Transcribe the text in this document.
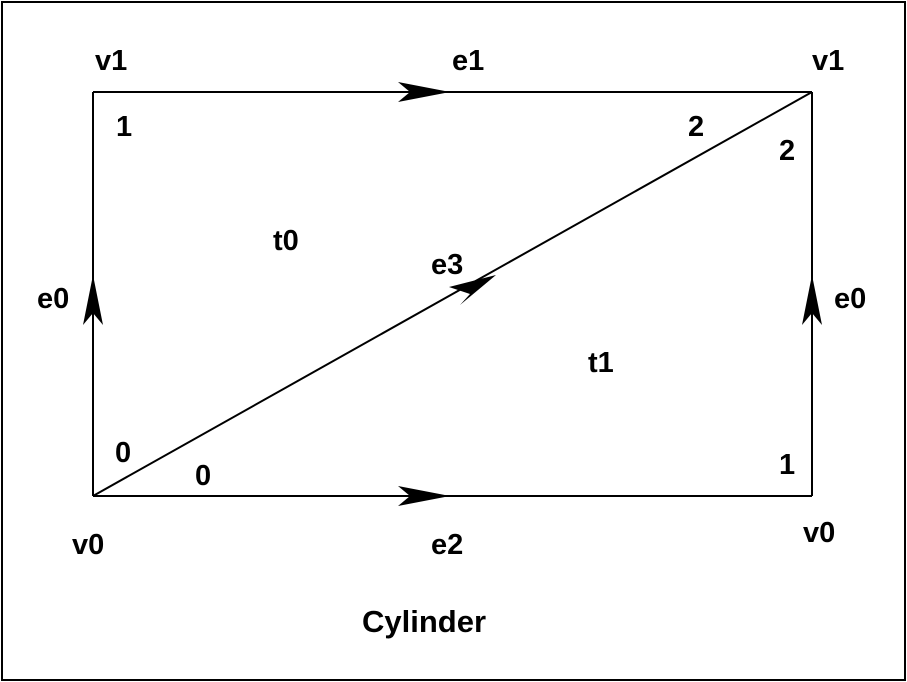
v1	v1
v0	v0
e0	e0
e1
e2
e3
t0
t1
1
0
2
0
2
1
Cylinder
